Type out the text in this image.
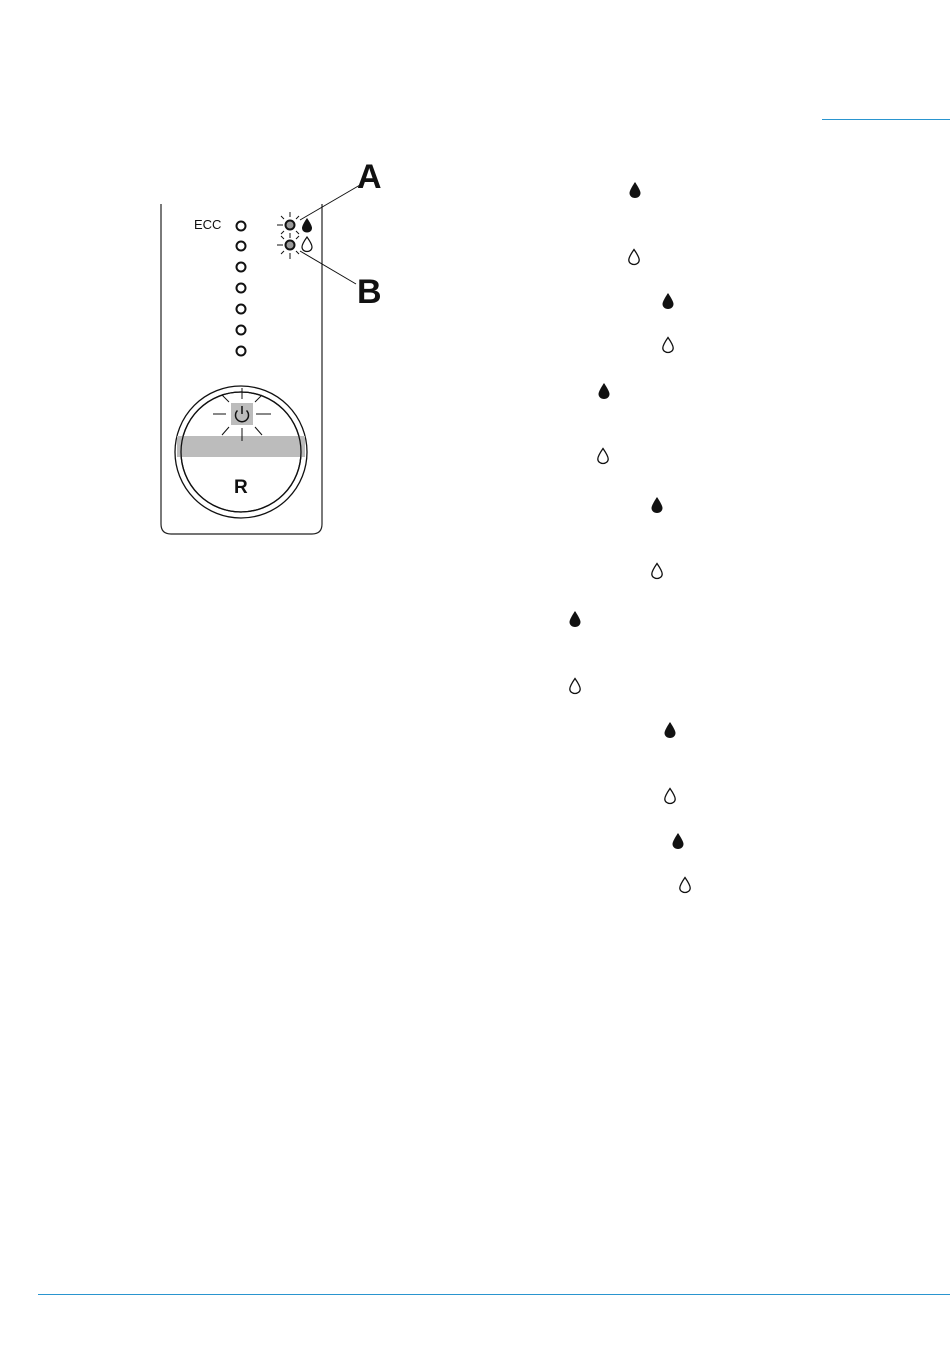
ECC
R
A
B
